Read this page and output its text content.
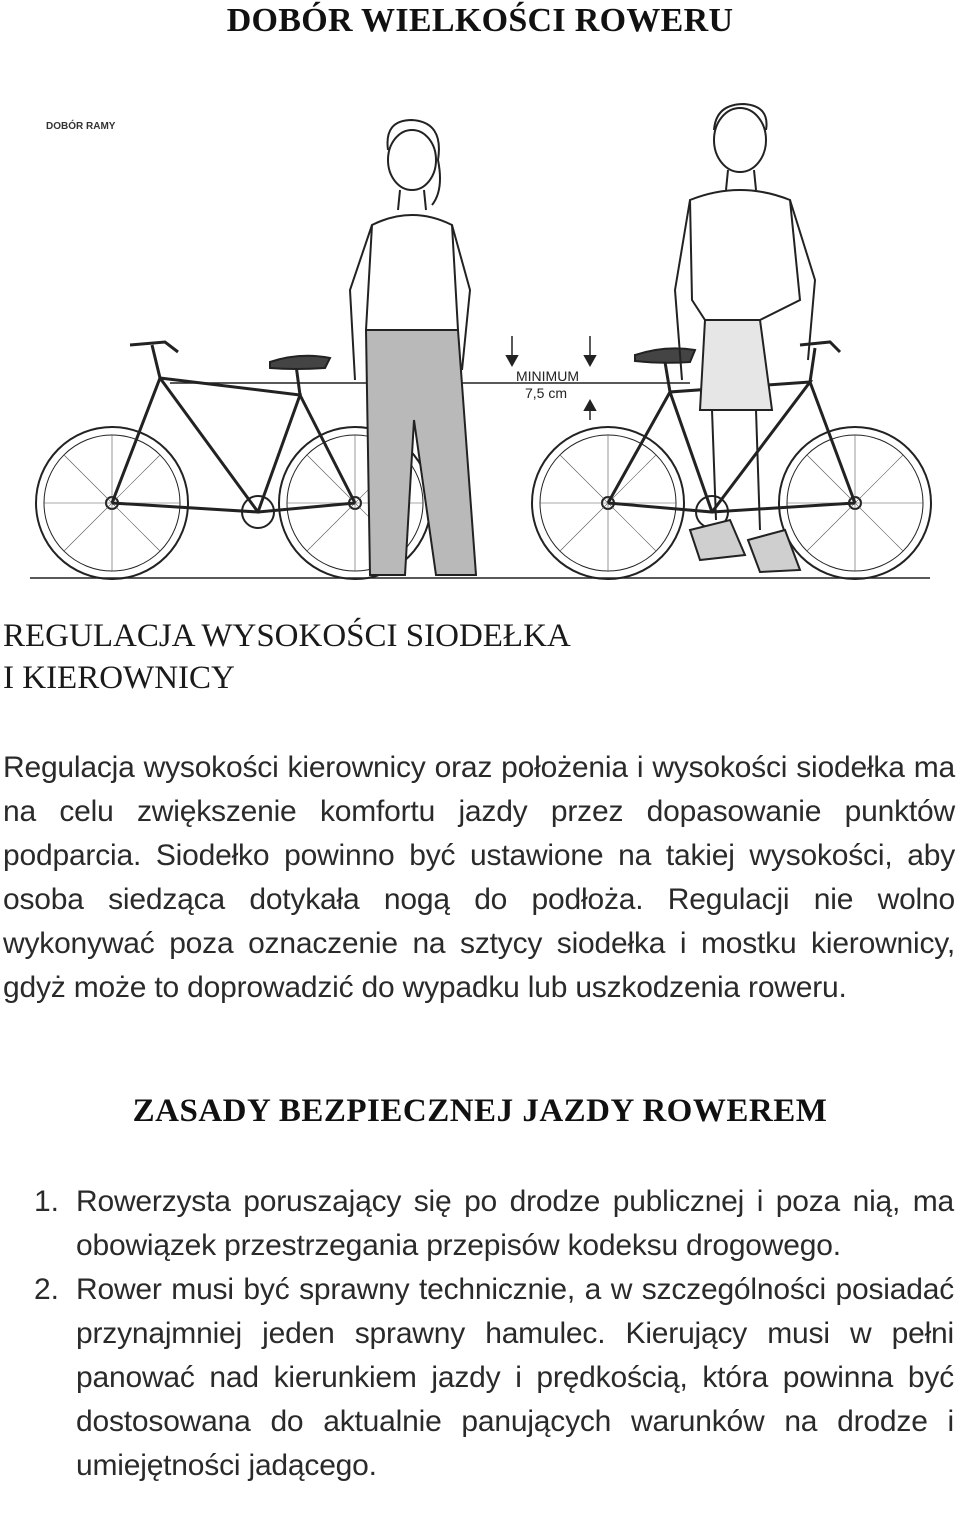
DOBÓR WIELKOŚCI ROWERU
DOBÓR RAMY
MINIMUM
7,5 cm
REGULACJA WYSOKOŚCI SIODEŁKA
I KIEROWNICY

Regulacja wysokości kierownicy oraz położenia i wysokości siodełka ma na celu zwiększenie komfortu jazdy przez dopasowanie punktów podparcia. Siodełko powinno być ustawione na takiej wysokości, aby osoba siedząca dotykała nogą do podłoża. Regulacji nie wolno wykonywać poza oznaczenie na sztycy siodełka i mostku kierownicy, gdyż może to doprowadzić do wypadku lub uszkodzenia roweru.

ZASADY BEZPIECZNEJ JAZDY ROWEREM
1. Rowerzysta poruszający się po drodze publicznej i poza nią, ma obowiązek przestrzegania przepisów kodeksu drogowego.

2. Rower musi być sprawny technicznie, a w szczególności posiadać przynajmniej jeden sprawny hamulec. Kierujący musi w pełni panować nad kierunkiem jazdy i prędkością, która powinna być dostosowana do aktualnie panujących warunków na drodze i umiejętności jadącego.
